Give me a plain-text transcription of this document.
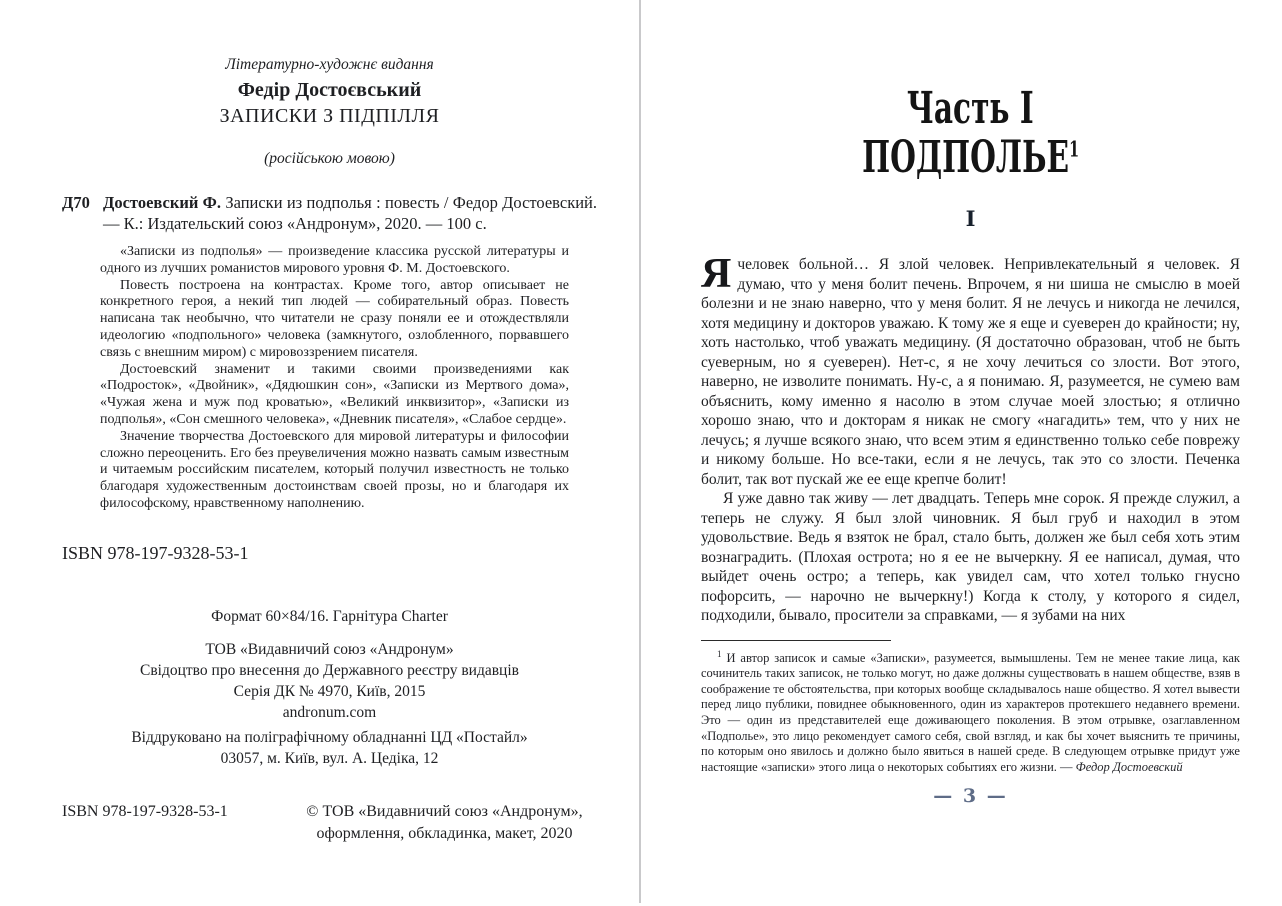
Літературно-художнє видання
Федір Достоєвський
ЗАПИСКИ З ПІДПІЛЛЯ
(російською мовою)
Д70 Достоевский Ф. Записки из подполья : повесть / Федор Достоевский. — К.: Издательский союз «Андронум», 2020. — 100 с.

«Записки из подполья» — произведение классика русской литературы и одного из лучших романистов мирового уровня Ф. М. Достоевского.

Повесть построена на контрастах. Кроме того, автор описывает не конкретного героя, а некий тип людей — собирательный образ. Повесть написана так необычно, что читатели не сразу поняли ее и отождествляли идеологию «подпольного» человека (замкнутого, озлобленного, порвавшего связь с внешним миром) с мировоззрением писателя.

Достоевский знаменит и такими своими произведениями как «Подросток», «Двойник», «Дядюшкин сон», «Записки из Мертвого дома», «Чужая жена и муж под кроватью», «Великий инквизитор», «Записки из подполья», «Сон смешного человека», «Дневник писателя», «Слабое сердце».

Значение творчества Достоевского для мировой литературы и философии сложно переоценить. Его без преувеличения можно назвать самым известным и читаемым российским писателем, который получил известность не только благодаря художественным достоинствам своей прозы, но и благодаря их философскому, нравственному наполнению.

ISBN 978-197-9328-53-1
Формат 60×84/16. Гарнітура Charter
ТОВ «Видавничий союз «Андронум»
Свідоцтво про внесення до Державного реєстру видавців
Серія ДК № 4970, Київ, 2015
andronum.com
Віддруковано на поліграфічному обладнанні ЦД «Постайл»
03057, м. Київ, вул. А. Цедіка, 12
ISBN 978-197-9328-53-1	© ТОВ «Видавничий союз «Андронум»,
оформлення, обкладинка, макет, 2020
Часть I
ПОДПОЛЬЕ$^1$
I

Ячеловек больной… Я злой человек. Непривлекательный я человек. Я думаю, что у меня болит печень. Впрочем, я ни шиша не смыслю в моей болезни и не знаю наверно, что у меня болит. Я не лечусь и никогда не лечился, хотя медицину и докторов уважаю. К тому же я еще и суеверен до крайности; ну, хоть настолько, чтоб уважать медицину. (Я достаточно образован, чтоб не быть суеверным, но я суеверен). Нет-с, я не хочу лечиться со злости. Вот этого, наверно, не изволите понимать. Ну-с, а я понимаю. Я, разумеется, не сумею вам объяснить, кому именно я насолю в этом случае моей злостью; я отлично хорошо знаю, что и докторам я никак не смогу «нагадить» тем, что у них не лечусь; я лучше всякого знаю, что всем этим я единственно только себе поврежу и никому больше. Но все-таки, если я не лечусь, так это со злости. Печенка болит, так вот пускай же ее еще крепче болит!

Я уже давно так живу — лет двадцать. Теперь мне сорок. Я прежде служил, а теперь не служу. Я был злой чиновник. Я был груб и находил в этом удовольствие. Ведь я взяток не брал, стало быть, должен же был себя хоть этим вознаградить. (Плохая острота; но я ее не вычеркну. Я ее написал, думая, что выйдет очень остро; а теперь, как увидел сам, что хотел только гнусно пофорсить, — нарочно не вычеркну!) Когда к столу, у которого я сидел, подходили, бывало, просители за справками, — я зубами на них

$^1$ И автор записок и самые «Записки», разумеется, вымышлены. Тем не менее такие лица, как сочинитель таких записок, не только могут, но даже должны существовать в нашем обществе, взяв в соображение те обстоятельства, при которых вообще складывалось наше общество. Я хотел вывести перед лицо публики, повиднее обыкновенного, один из характеров протекшего недавнего времени. Это — один из представителей еще доживающего поколения. В этом отрывке, озаглавленном «Подполье», это лицо рекомендует самого себя, свой взгляд, и как бы хочет выяснить те причины, по которым оно явилось и должно было явиться в нашей среде. В следующем отрывке придут уже настоящие «записки» этого лица о некоторых событиях его жизни. — Федор Достоевский
— 3 —
